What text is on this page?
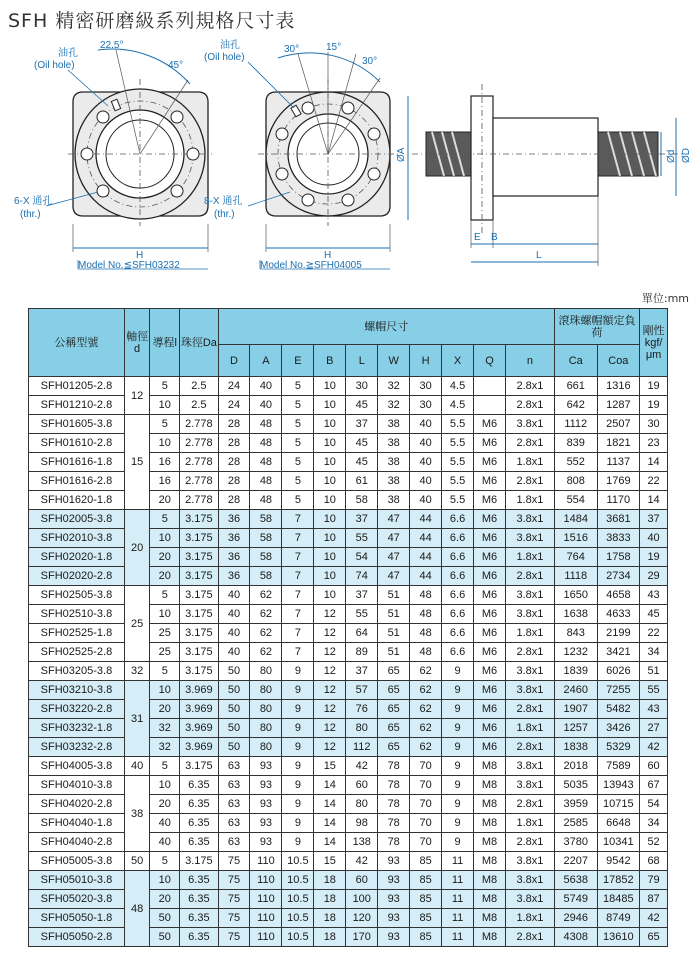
SFH 精密研磨級系列規格尺寸表
油孔
(Oil hole)
22.5°
45°
6-X 通孔
(thr.)
H
Model No.≦SFH03232
油孔
(Oil hole)
30°	15°
30°
8-X 通孔
(thr.)
H
Model No.≧SFH04005
ØA	Ød ØD
E B
L
單位:mm
公稱型號	軸徑d	導程l	珠徑Da	螺帽尺寸										滾珠螺帽額定負荷		剛性kgf/μm
				D	A	E	B	L	W	H	X	Q	n	Ca	Coa	
SFH01205-2.8	12	5	2.5	24	40	5	10	30	32	30	4.5		2.8x1	661	1316	19
SFH01210-2.8		10	2.5	24	40	5	10	45	32	30	4.5		2.8x1	642	1287	19
SFH01605-3.8	15	5	2.778	28	48	5	10	37	38	40	5.5	M6	3.8x1	1112	2507	30
SFH01610-2.8		10	2.778	28	48	5	10	45	38	40	5.5	M6	2.8x1	839	1821	23
SFH01616-1.8		16	2.778	28	48	5	10	45	38	40	5.5	M6	1.8x1	552	1137	14
SFH01616-2.8		16	2.778	28	48	5	10	61	38	40	5.5	M6	2.8x1	808	1769	22
SFH01620-1.8		20	2.778	28	48	5	10	58	38	40	5.5	M6	1.8x1	554	1170	14
SFH02005-3.8	20	5	3.175	36	58	7	10	37	47	44	6.6	M6	3.8x1	1484	3681	37
SFH02010-3.8		10	3.175	36	58	7	10	55	47	44	6.6	M6	3.8x1	1516	3833	40
SFH02020-1.8		20	3.175	36	58	7	10	54	47	44	6.6	M6	1.8x1	764	1758	19
SFH02020-2.8		20	3.175	36	58	7	10	74	47	44	6.6	M6	2.8x1	1118	2734	29
SFH02505-3.8	25	5	3.175	40	62	7	10	37	51	48	6.6	M6	3.8x1	1650	4658	43
SFH02510-3.8		10	3.175	40	62	7	12	55	51	48	6.6	M6	3.8x1	1638	4633	45
SFH02525-1.8		25	3.175	40	62	7	12	64	51	48	6.6	M6	1.8x1	843	2199	22
SFH02525-2.8		25	3.175	40	62	7	12	89	51	48	6.6	M6	2.8x1	1232	3421	34
SFH03205-3.8	32	5	3.175	50	80	9	12	37	65	62	9	M6	3.8x1	1839	6026	51
SFH03210-3.8	31	10	3.969	50	80	9	12	57	65	62	9	M6	3.8x1	2460	7255	55
SFH03220-2.8		20	3.969	50	80	9	12	76	65	62	9	M6	2.8x1	1907	5482	43
SFH03232-1.8		32	3.969	50	80	9	12	80	65	62	9	M6	1.8x1	1257	3426	27
SFH03232-2.8		32	3.969	50	80	9	12	112	65	62	9	M6	2.8x1	1838	5329	42
SFH04005-3.8	40	5	3.175	63	93	9	15	42	78	70	9	M8	3.8x1	2018	7589	60
SFH04010-3.8	38	10	6.35	63	93	9	14	60	78	70	9	M8	3.8x1	5035	13943	67
SFH04020-2.8		20	6.35	63	93	9	14	80	78	70	9	M8	2.8x1	3959	10715	54
SFH04040-1.8		40	6.35	63	93	9	14	98	78	70	9	M8	1.8x1	2585	6648	34
SFH04040-2.8		40	6.35	63	93	9	14	138	78	70	9	M8	2.8x1	3780	10341	52
SFH05005-3.8	50	5	3.175	75	110	10.5	15	42	93	85	11	M8	3.8x1	2207	9542	68
SFH05010-3.8	48	10	6.35	75	110	10.5	18	60	93	85	11	M8	3.8x1	5638	17852	79
SFH05020-3.8		20	6.35	75	110	10.5	18	100	93	85	11	M8	3.8x1	5749	18485	87
SFH05050-1.8		50	6.35	75	110	10.5	18	120	93	85	11	M8	1.8x1	2946	8749	42
SFH05050-2.8		50	6.35	75	110	10.5	18	170	93	85	11	M8	2.8x1	4308	13610	65
